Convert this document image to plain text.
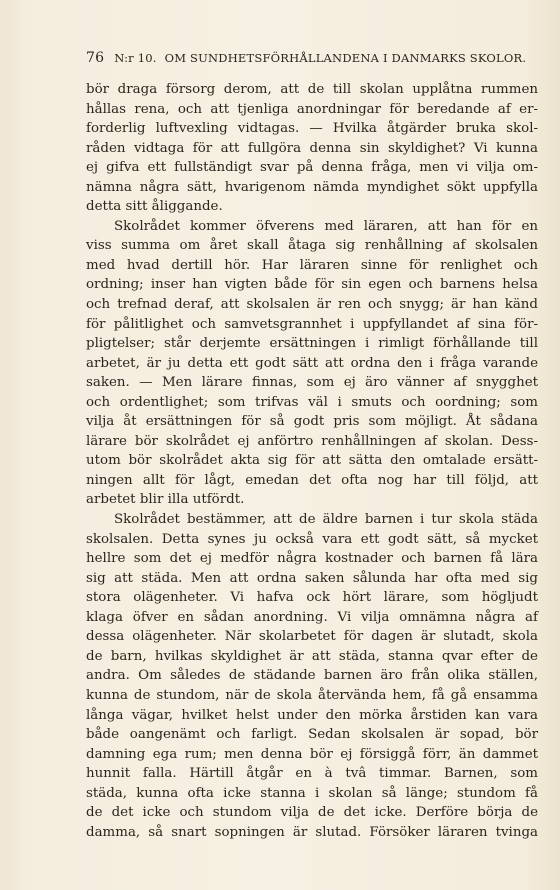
76 N:r 10. OM SUNDHETSFÖRHÅLLANDENA I DANMARKS SKOLOR.
bör draga försorg derom, att de till skolan upplåtna rummen
hållas rena, och att tjenliga anordningar för beredande af er-
forderlig luftvexling vidtagas. — Hvilka åtgärder bruka skol-
råden vidtaga för att fullgöra denna sin skyldighet? Vi kunna
ej gifva ett fullständigt svar på denna fråga, men vi vilja om-
nämna några sätt, hvarigenom nämda myndighet sökt uppfylla
detta sitt åliggande.
Skolrådet kommer öfverens med läraren, att han för en
viss summa om året skall åtaga sig renhållning af skolsalen
med hvad dertill hör. Har läraren sinne för renlighet och
ordning; inser han vigten både för sin egen och barnens helsa
och trefnad deraf, att skolsalen är ren och snygg; är han känd
för pålitlighet och samvetsgrannhet i uppfyllandet af sina för-
pligtelser; står derjemte ersättningen i rimligt förhållande till
arbetet, är ju detta ett godt sätt att ordna den i fråga varande
saken. — Men lärare finnas, som ej äro vänner af snygghet
och ordentlighet; som trifvas väl i smuts och oordning; som
vilja åt ersättningen för så godt pris som möjligt. Åt sådana
lärare bör skolrådet ej anförtro renhållningen af skolan. Dess-
utom bör skolrådet akta sig för att sätta den omtalade ersätt-
ningen allt för lågt, emedan det ofta nog har till följd, att
arbetet blir illa utfördt.
Skolrådet bestämmer, att de äldre barnen i tur skola städa
skolsalen. Detta synes ju också vara ett godt sätt, så mycket
hellre som det ej medför några kostnader och barnen få lära
sig att städa. Men att ordna saken sålunda har ofta med sig
stora olägenheter. Vi hafva ock hört lärare, som högljudt
klaga öfver en sådan anordning. Vi vilja omnämna några af
dessa olägenheter. När skolarbetet för dagen är slutadt, skola
de barn, hvilkas skyldighet är att städa, stanna qvar efter de
andra. Om således de städande barnen äro från olika ställen,
kunna de stundom, när de skola återvända hem, få gå ensamma
långa vägar, hvilket helst under den mörka årstiden kan vara
både oangenämt och farligt. Sedan skolsalen är sopad, bör
damning ega rum; men denna bör ej försiggå förr, än dammet
hunnit falla. Härtill åtgår en à tvâ timmar. Barnen, som
städa, kunna ofta icke stanna i skolan så länge; stundom få
de det icke och stundom vilja de det icke. Derföre börja de
damma, så snart sopningen är slutad. Försöker läraren tvinga
